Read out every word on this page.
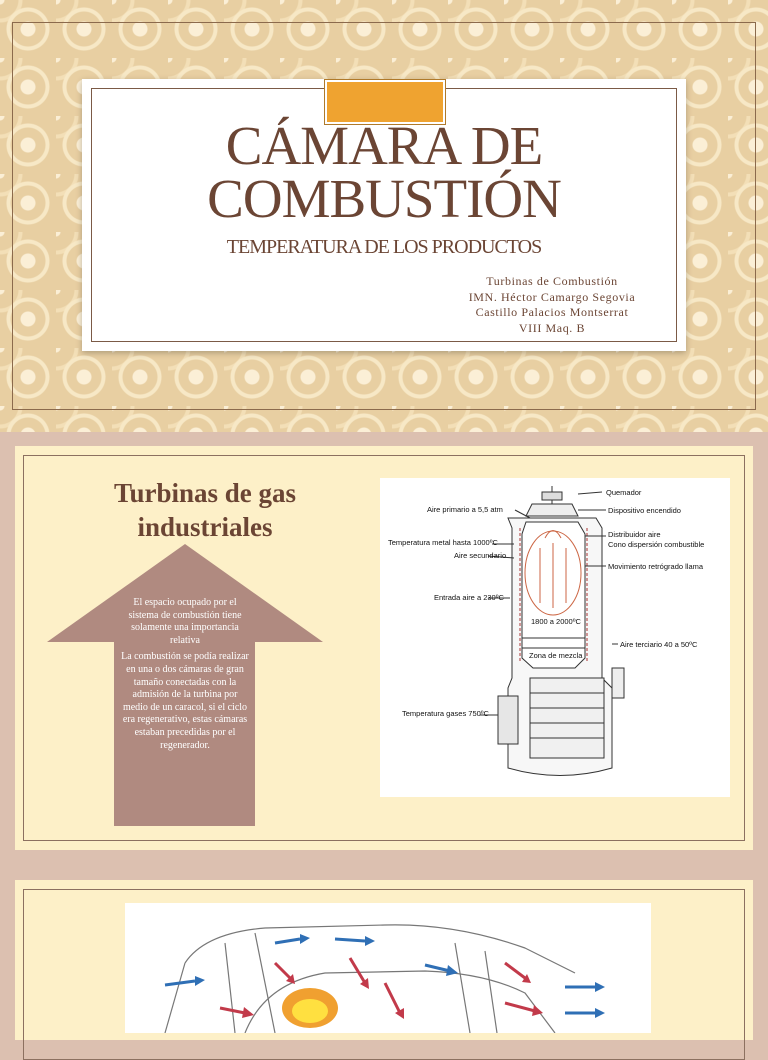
CÁMARA DE COMBUSTIÓN
TEMPERATURA DE LOS PRODUCTOS
Turbinas de Combustión
IMN. Héctor Camargo Segovia
Castillo Palacios Montserrat
VIII Maq. B
Turbinas de gas industriales

El espacio ocupado por el sistema de combustión tiene solamente una importancia relativa

La combustión se podía realizar en una o dos cámaras de gran tamaño conectadas con la admisión de la turbina por medio de un caracol, si el ciclo era regenerativo, estas cámaras estaban precedidas por el regenerador.

Quemador
Aire primario a 5,5 atm	Dispositivo encendido
Distribuidor aire
Cono dispersión combustible
Temperatura metal hasta 1000ºC
Aire secundario
Movimiento retrógrado llama
Entrada aire a 230ºC
1800 a 2000ºC
Aire terciario 40 a 50ºC
Zona de mezcla
Temperatura gases 750ºC
